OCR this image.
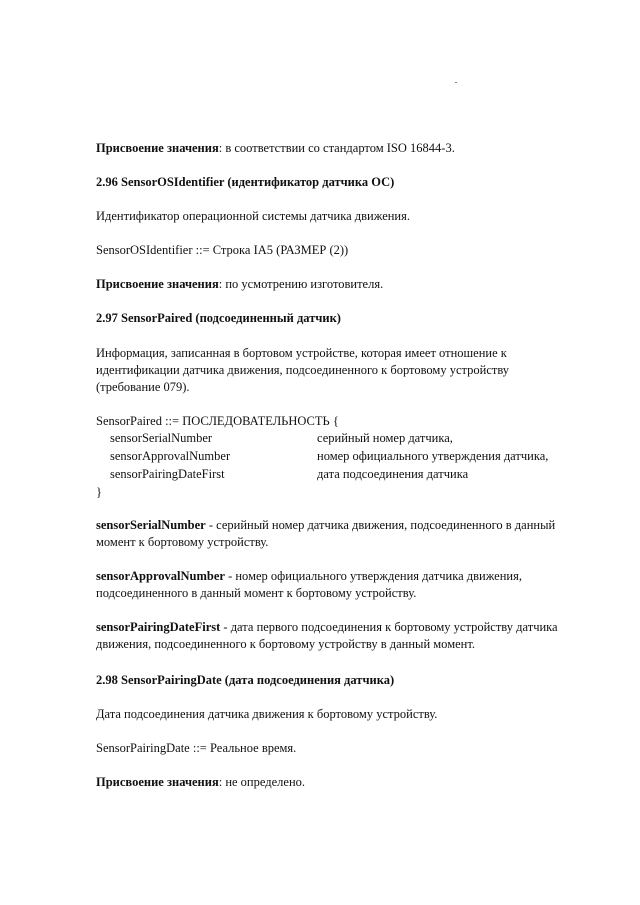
Присвоение значения: в соответствии со стандартом ISO 16844-3.
2.96 SensorOSIdentifier (идентификатор датчика ОС)
Идентификатор операционной системы датчика движения.
SensorOSIdentifier ::= Строка IA5 (РАЗМЕР (2))
Присвоение значения: по усмотрению изготовителя.
2.97 SensorPaired (подсоединенный датчик)
Информация, записанная в бортовом устройстве, которая имеет отношение к
идентификации датчика движения, подсоединенного к бортовому устройству
(требование 079).
SensorPaired ::= ПОСЛЕДОВАТЕЛЬНОСТЬ {
sensorSerialNumber	серийный номер датчика,
sensorApprovalNumber	номер официального утверждения датчика,
sensorPairingDateFirst	дата подсоединения датчика
}
sensorSerialNumber - серийный номер датчика движения, подсоединенного в данный
момент к бортовому устройству.
sensorApprovalNumber - номер официального утверждения датчика движения,
подсоединенного в данный момент к бортовому устройству.
sensorPairingDateFirst - дата первого подсоединения к бортовому устройству датчика
движения, подсоединенного к бортовому устройству в данный момент.
2.98 SensorPairingDate (дата подсоединения датчика)
Дата подсоединения датчика движения к бортовому устройству.
SensorPairingDate ::= Реальное время.
Присвоение значения: не определено.
